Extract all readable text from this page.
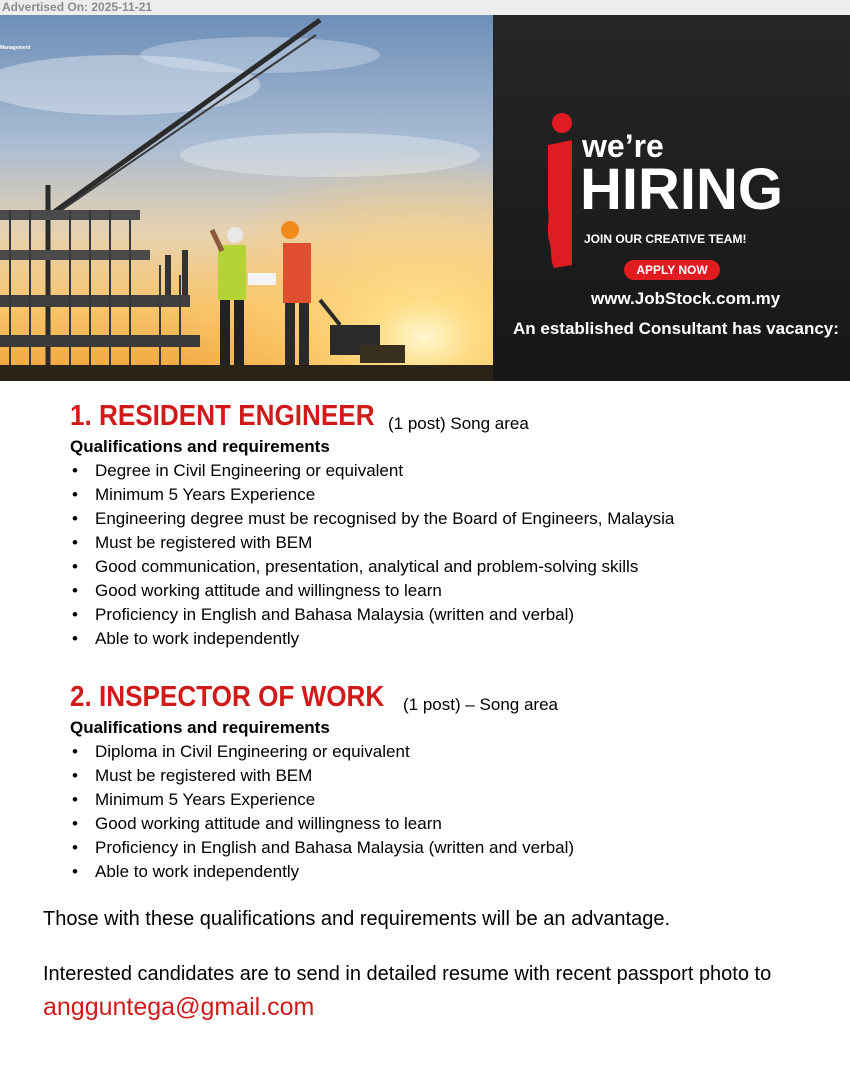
Advertised On: 2025-11-21
Management
we’re
HIRING
JOIN OUR CREATIVE TEAM!
APPLY NOW
www.JobStock.com.my
An established Consultant has vacancy:
1. RESIDENT ENGINEER (1 post) Song area
Qualifications and requirements
• Degree in Civil Engineering or equivalent
• Minimum 5 Years Experience
• Engineering degree must be recognised by the Board of Engineers, Malaysia
• Must be registered with BEM
• Good communication, presentation, analytical and problem-solving skills
• Good working attitude and willingness to learn
• Proficiency in English and Bahasa Malaysia (written and verbal)
• Able to work independently
2. INSPECTOR OF WORK (1 post) – Song area
Qualifications and requirements
• Diploma in Civil Engineering or equivalent
• Must be registered with BEM
• Minimum 5 Years Experience
• Good working attitude and willingness to learn
• Proficiency in English and Bahasa Malaysia (written and verbal)
• Able to work independently
Those with these qualifications and requirements will be an advantage.
Interested candidates are to send in detailed resume with recent passport photo to
angguntega@gmail.com
